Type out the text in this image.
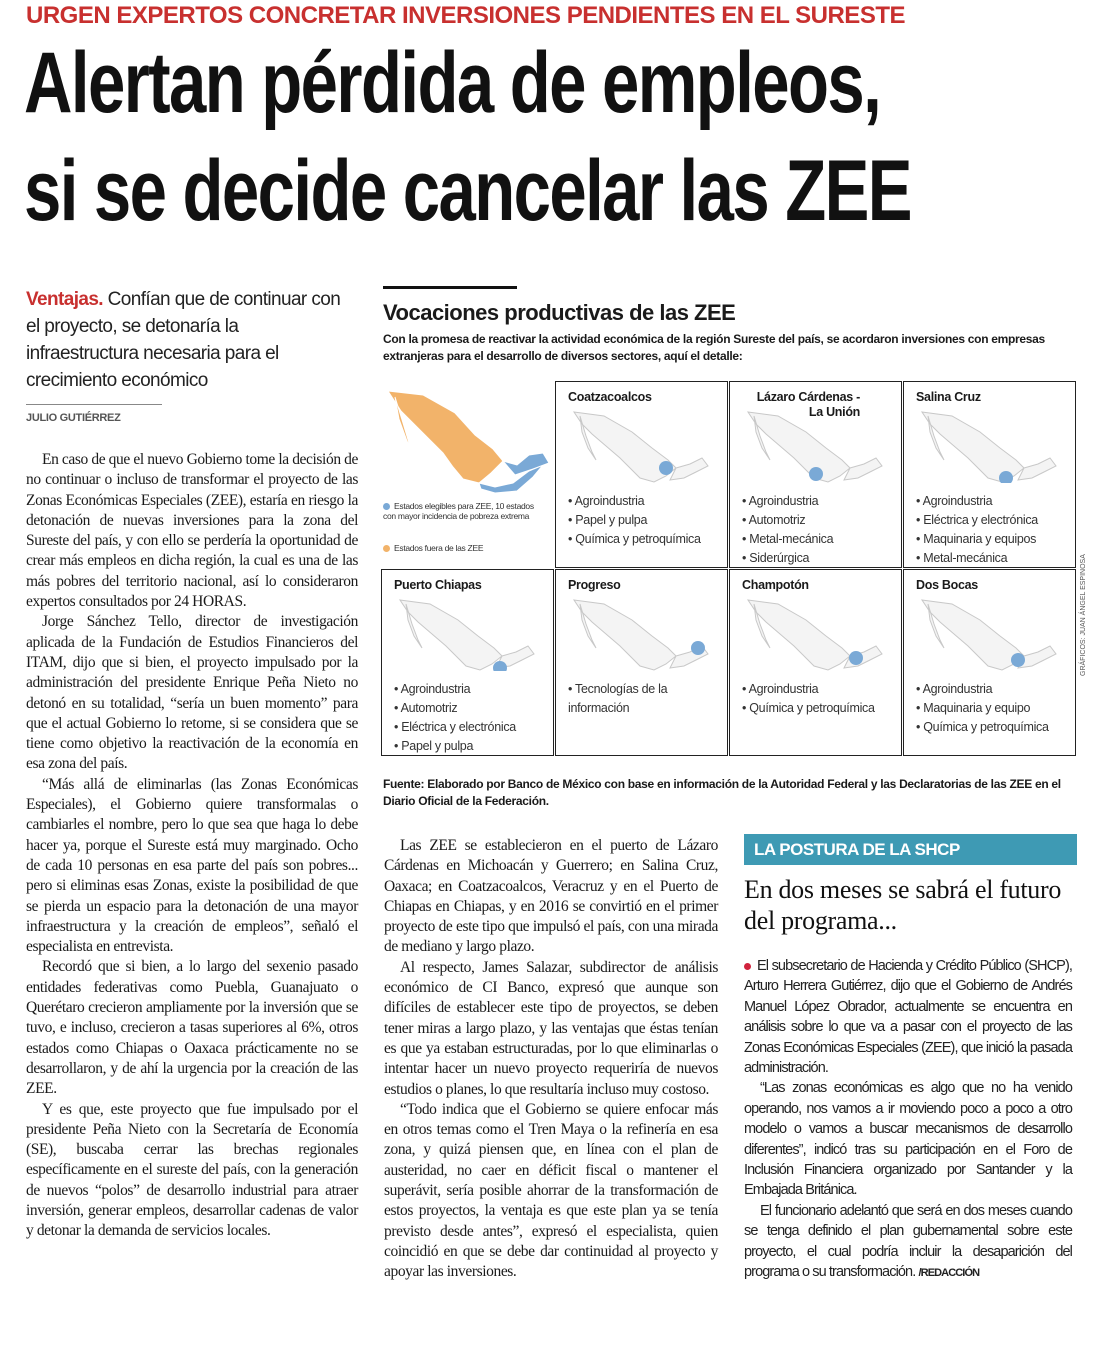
URGEN EXPERTOS CONCRETAR INVERSIONES PENDIENTES EN EL SURESTE
Alertan pérdida de empleos,
si se decide cancelar las ZEE
Ventajas. Confían que de continuar con el proyecto, se detonaría la infraestructura necesaria para el crecimiento económico
JULIO GUTIÉRREZ

En caso de que el nuevo Gobierno tome la decisión de no continuar o incluso de transformar el proyecto de las Zonas Económicas Especiales (ZEE), estaría en riesgo la detonación de nuevas inversiones para la zona del Sureste del país, y con ello se perdería la oportunidad de crear más empleos en dicha región, la cual es una de las más pobres del territorio nacional, así lo consideraron expertos consultados por 24 HORAS.

Jorge Sánchez Tello, director de investigación aplicada de la Fundación de Estudios Financieros del ITAM, dijo que si bien, el proyecto impulsado por la administración del presidente Enrique Peña Nieto no detonó en su totalidad, “sería un buen momento” para que el actual Gobierno lo retome, si se considera que se tiene como objetivo la reactivación de la economía en esa zona del país.

“Más allá de eliminarlas (las Zonas Económicas Especiales), el Gobierno quiere transformalas o cambiarles el nombre, pero lo que sea que haga lo debe hacer ya, porque el Sureste está muy marginado. Ocho de cada 10 personas en esa parte del país son pobres... pero si eliminas esas Zonas, existe la posibilidad de que se pierda un espacio para la detonación de una mayor infraestructura y la creación de empleos”, señaló el especialista en entrevista.

Recordó que si bien, a lo largo del sexenio pasado entidades federativas como Puebla, Guanajuato o Querétaro crecieron ampliamente por la inversión que se tuvo, e incluso, crecieron a tasas superiores al 6%, otros estados como Chiapas o Oaxaca prácticamente no se desarrollaron, y de ahí la urgencia por la creación de las ZEE.

Y es que, este proyecto que fue impulsado por el presidente Peña Nieto con la Secretaría de Economía (SE), buscaba cerrar las brechas regionales específicamente en el sureste del país, con la generación de nuevos “polos” de desarrollo industrial para atraer inversión, generar empleos, desarrollar cadenas de valor y detonar la demanda de servicios locales.

Vocaciones productivas de las ZEE
Con la promesa de reactivar la actividad económica de la región Sureste del país, se acordaron inversiones con empresas extranjeras para el desarrollo de diversos sectores, aquí el detalle:
Estados elegibles para ZEE, 10 estados con mayor incidencia de pobreza extrema
Estados fuera de las ZEE
Coatzacoalcos
• Agroindustria
• Papel y pulpa
• Química y petroquímica
Lázaro Cárdenas - La Unión
• Agroindustria
• Automotriz
• Metal-mecánica
• Siderúrgica
Salina Cruz
• Agroindustria
• Eléctrica y electrónica
• Maquinaria y equipos
• Metal-mecánica
Puerto Chiapas
• Agroindustria
• Automotriz
• Eléctrica y electrónica
• Papel y pulpa
Progreso
• Tecnologías de la información
Champotón
• Agroindustria
• Química y petroquímica
Dos Bocas
• Agroindustria
• Maquinaria y equipo
• Química y petroquímica
Fuente: Elaborado por Banco de México con base en información de la Autoridad Federal y las Declaratorias de las ZEE en el Diario Oficial de la Federación.
GRÁFICOS: JUAN ÁNGEL ESPINOSA

Las ZEE se establecieron en el puerto de Lázaro Cárdenas en Michoacán y Guerrero; en Salina Cruz, Oaxaca; en Coatzacoalcos, Veracruz y en el Puerto de Chiapas en Chiapas, y en 2016 se convirtió en el primer proyecto de este tipo que impulsó el país, con una mirada de mediano y largo plazo.

Al respecto, James Salazar, subdirector de análisis económico de CI Banco, expresó que aunque son difíciles de establecer este tipo de proyectos, se deben tener miras a largo plazo, y las ventajas que éstas tenían es que ya estaban estructuradas, por lo que eliminarlas o intentar hacer un nuevo proyecto requeriría de nuevos estudios o planes, lo que resultaría incluso muy costoso.

“Todo indica que el Gobierno se quiere enfocar más en otros temas como el Tren Maya o la refinería en esa zona, y quizá piensen que, en línea con el plan de austeridad, no caer en déficit fiscal o mantener el superávit, sería posible ahorrar de la transformación de estos proyectos, la ventaja es que este plan ya se tenía previsto desde antes”, expresó el especialista, quien coincidió en que se debe dar continuidad al proyecto y apoyar las inversiones.

LA POSTURA DE LA SHCP
En dos meses se sabrá el futuro del programa...

El subsecretario de Hacienda y Crédito Público (SHCP), Arturo Herrera Gutiérrez, dijo que el Gobierno de Andrés Manuel López Obrador, actualmente se encuentra en análisis sobre lo que va a pasar con el proyecto de las Zonas Económicas Especiales (ZEE), que inició la pasada administración.

“Las zonas económicas es algo que no ha venido operando, nos vamos a ir moviendo poco a poco a otro modelo o vamos a buscar mecanismos de desarrollo diferentes”, indicó tras su participación en el Foro de Inclusión Financiera organizado por Santander y la Embajada Británica.

El funcionario adelantó que será en dos meses cuando se tenga definido el plan gubernamental sobre este proyecto, el cual podría incluir la desaparición del programa o su transformación. /REDACCIÓN
